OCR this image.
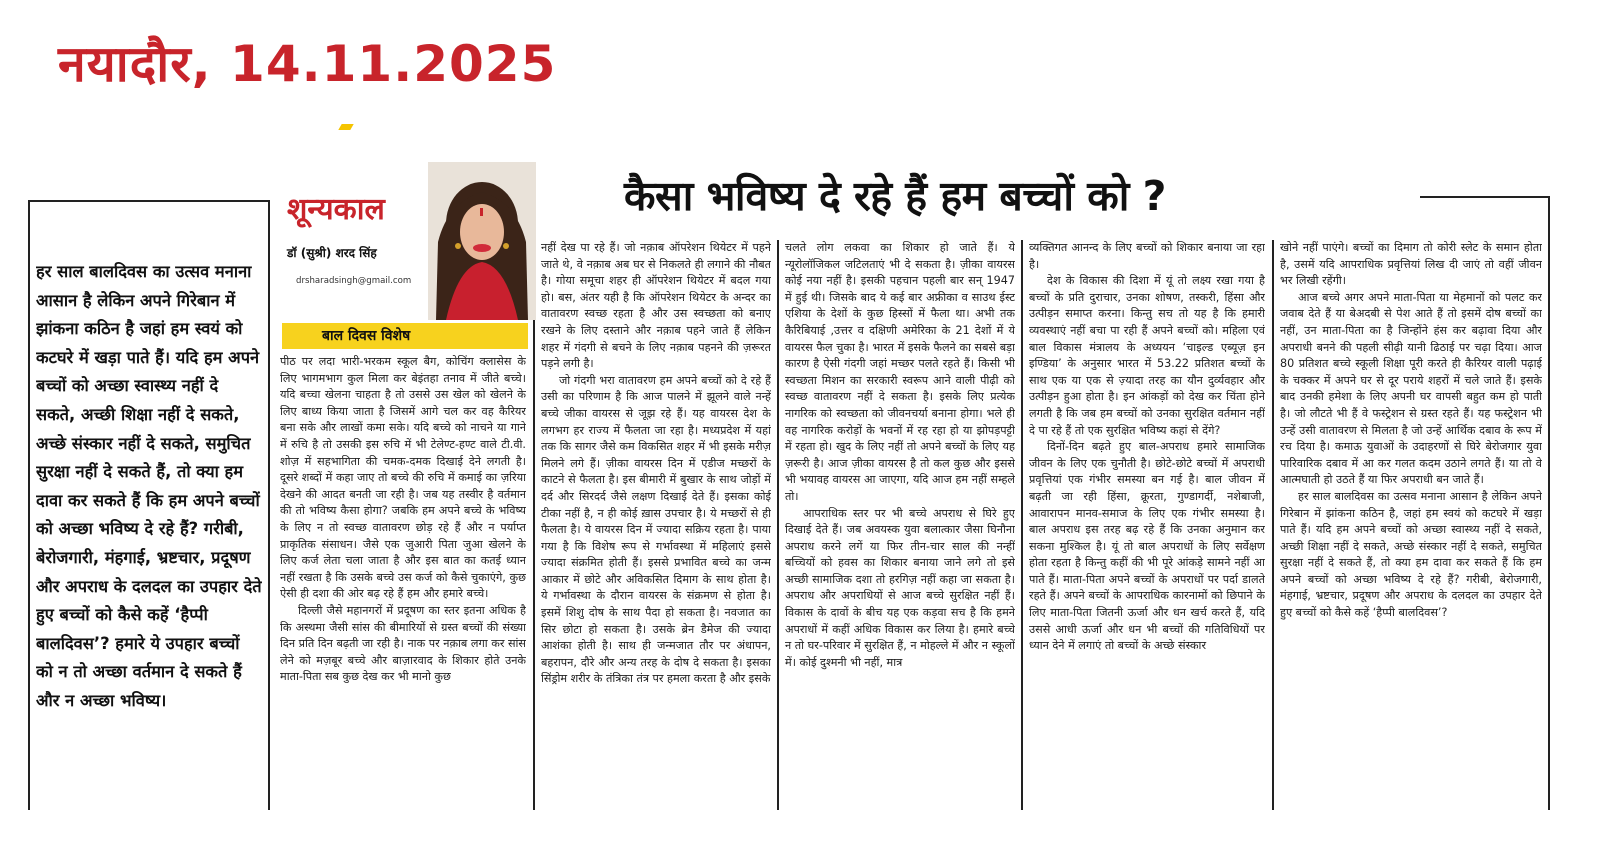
नयादौर, 14.11.2025
शून्यकाल
डॉ (सुश्री) शरद सिंह
drsharadsingh@gmail.com
बाल दिवस विशेष
कैसा भविष्य दे रहे हैं हम बच्चों को ?
हर साल बालदिवस का उत्सव मनाना आसान है लेकिन अपने गिरेबान में झांकना कठिन है जहां हम स्वयं को कटघरे में खड़ा पाते हैं। यदि हम अपने बच्चों को अच्छा स्वास्थ्य नहीं दे सकते, अच्छी शिक्षा नहीं दे सकते, अच्छे संस्कार नहीं दे सकते, समुचित सुरक्षा नहीं दे सकते हैं, तो क्या हम दावा कर सकते हैं कि हम अपने बच्चों को अच्छा भविष्य दे रहे हैं? गरीबी, बेरोजगारी, मंहगाई, भ्रष्टचार, प्रदूषण और अपराध के दलदल का उपहार देते हुए बच्चों को कैसे कहें ‘हैप्पी बालदिवस’? हमारे ये उपहार बच्चों को न तो अच्छा वर्तमान दे सकते हैं और न अच्छा भविष्य।

पीठ पर लदा भारी-भरकम स्कूल बैग, कोचिंग क्लासेस के लिए भागमभाग कुल मिला कर बेइंतहा तनाव में जीते बच्चे। यदि बच्चा खेलना चाहता है तो उससे उस खेल को खेलने के लिए बाध्य किया जाता है जिसमें आगे चल कर वह कैरियर बना सके और लाखों कमा सके। यदि बच्चे को नाचने या गाने में रुचि है तो उसकी इस रुचि में भी टेलेण्ट-हण्ट वाले टी.वी. शोज़ में सहभागिता की चमक-दमक दिखाई देने लगती है। दूसरे शब्दों में कहा जाए तो बच्चे की रुचि में कमाई का ज़रिया देखने की आदत बनती जा रही है। जब यह तस्वीर है वर्तमान की तो भविष्य कैसा होगा? जबकि हम अपने बच्चे के भविष्य के लिए न तो स्वच्छ वातावरण छोड़ रहे हैं और न पर्याप्त प्राकृतिक संसाधन। जैसे एक जुआरी पिता जुआ खेलने के लिए कर्ज लेता चला जाता है और इस बात का कतई ध्यान नहीं रखता है कि उसके बच्चे उस कर्ज को कैसे चुकाएंगे, कुछ ऐसी ही दशा की ओर बढ़ रहे हैं हम और हमारे बच्चे।

दिल्ली जैसे महानगरों में प्रदूषण का स्तर इतना अधिक है कि अस्थमा जैसी सांस की बीमारियों से ग्रस्त बच्चों की संख्या दिन प्रति दिन बढ़ती जा रही है। नाक पर नक़ाब लगा कर सांस लेने को मज़बूर बच्चे और बाज़ारवाद के शिकार होते उनके माता-पिता सब कुछ देख कर भी मानो कुछ

नहीं देख पा रहे हैं। जो नक़ाब ऑपरेशन थियेटर में पहने जाते थे, वे नक़ाब अब घर से निकलते ही लगाने की नौबत है। गोया समूचा शहर ही ऑपरेशन थियेटर में बदल गया हो। बस, अंतर यही है कि ऑपरेशन थियेटर के अन्दर का वातावरण स्वच्छ रहता है और उस स्वच्छता को बनाए रखने के लिए दस्ताने और नक़ाब पहने जाते हैं लेकिन शहर में गंदगी से बचने के लिए नक़ाब पहनने की ज़रूरत पड़ने लगी है।

जो गंदगी भरा वातावरण हम अपने बच्चों को दे रहे हैं उसी का परिणाम है कि आज पालने में झूलने वाले नन्हें बच्चे जीका वायरस से जूझ रहे हैं। यह वायरस देश के लगभग हर राज्य में फैलता जा रहा है। मध्यप्रदेश में यहां तक कि सागर जैसे कम विकसित शहर में भी इसके मरीज़ मिलने लगे हैं। ज़ीका वायरस दिन में एडीज मच्छरों के काटने से फैलता है। इस बीमारी में बुखार के साथ जोड़ों में दर्द और सिरदर्द जैसे लक्षण दिखाई देते हैं। इसका कोई टीका नहीं है, न ही कोई ख़ास उपचार है। ये मच्छरों से ही फैलता है। ये वायरस दिन में ज्यादा सक्रिय रहता है। पाया गया है कि विशेष रूप से गर्भावस्था में महिलाएं इससे ज्यादा संक्रमित होती हैं। इससे प्रभावित बच्चे का जन्म आकार में छोटे और अविकसित दिमाग के साथ होता है। ये गर्भावस्था के दौरान वायरस के संक्रमण से होता है। इसमें शिशु दोष के साथ पैदा हो सकता है। नवजात का सिर छोटा हो सकता है। उसके ब्रेन डैमेज की ज्यादा आशंका होती है। साथ ही जन्मजात तौर पर अंधापन, बहरापन, दौरे और अन्य तरह के दोष दे सकता है। इसका सिंड्रोम शरीर के तंत्रिका तंत्र पर हमला करता है और इसके

चलते लोग लकवा का शिकार हो जाते हैं। ये न्यूरोलॉजिकल जटिलताएं भी दे सकता है। ज़ीका वायरस कोई नया नहीं है। इसकी पहचान पहली बार सन् 1947 में हुई थी। जिसके बाद ये कई बार अफ्रीका व साउथ ईस्ट एशिया के देशों के कुछ हिस्सों में फैला था। अभी तक कैरिबियाई ,उत्तर व दक्षिणी अमेरिका के 21 देशों में ये वायरस फैल चुका है। भारत में इसके फैलने का सबसे बड़ा कारण है ऐसी गंदगी जहां मच्छर पलते रहते हैं। किसी भी स्वच्छता मिशन का सरकारी स्वरूप आने वाली पीढ़ी को स्वच्छ वातावरण नहीं दे सकता है। इसके लिए प्रत्येक नागरिक को स्वच्छता को जीवनचर्या बनाना होगा। भले ही वह नागरिक करोड़ों के भवनों में रह रहा हो या झोपड़पट्टी में रहता हो। खुद के लिए नहीं तो अपने बच्चों के लिए यह ज़रूरी है। आज ज़ीका वायरस है तो कल कुछ और इससे भी भयावह वायरस आ जाएगा, यदि आज हम नहीं सम्हले तो।

आपराधिक स्तर पर भी बच्चे अपराध से घिरे हुए दिखाई देते हैं। जब अवयस्क युवा बलात्कार जैसा घिनौना अपराध करने लगें या फिर तीन-चार साल की नन्हीं बच्चियों को हवस का शिकार बनाया जाने लगे तो इसे अच्छी सामाजिक दशा तो हरगिज़ नहीं कहा जा सकता है। अपराध और अपराधियों से आज बच्चे सुरक्षित नहीं हैं। विकास के दावों के बीच यह एक कड़वा सच है कि हमने अपराधों में कहीं अधिक विकास कर लिया है। हमारे बच्चे न तो घर-परिवार में सुरक्षित हैं, न मोहल्ले में और न स्कूलों में। कोई दुश्मनी भी नहीं, मात्र

व्यक्तिगत आनन्द के लिए बच्चों को शिकार बनाया जा रहा है।

देश के विकास की दिशा में यूं तो लक्ष्य रखा गया है बच्चों के प्रति दुराचार, उनका शोषण, तस्करी, हिंसा और उत्पीड़न समाप्त करना। किन्तु सच तो यह है कि हमारी व्यवस्थाएं नहीं बचा पा रही हैं अपने बच्चों को। महिला एवं बाल विकास मंत्रालय के अध्ययन ‘चाइल्ड एब्यूज़ इन इण्डिया’ के अनुसार भारत में 53.22 प्रतिशत बच्चों के साथ एक या एक से ज़्यादा तरह का यौन दुर्व्यवहार और उत्पीड़न हुआ होता है। इन आंकड़ों को देख कर चिंता होने लगती है कि जब हम बच्चों को उनका सुरक्षित वर्तमान नहीं दे पा रहे हैं तो एक सुरक्षित भविष्य कहां से देंगे?

दिनों-दिन बढ़ते हुए बाल-अपराध हमारे सामाजिक जीवन के लिए एक चुनौती है। छोटे-छोटे बच्चों में अपराधी प्रवृत्तियां एक गंभीर समस्या बन गई है। बाल जीवन में बढ़ती जा रही हिंसा, क्रूरता, गुण्डागर्दी, नशेबाजी, आवारापन मानव-समाज के लिए एक गंभीर समस्या है। बाल अपराध इस तरह बढ़ रहे हैं कि उनका अनुमान कर सकना मुश्किल है। यूं तो बाल अपराधों के लिए सर्वेक्षण होता रहता है किन्तु कहीं की भी पूरे आंकड़े सामने नहीं आ पाते हैं। माता-पिता अपने बच्चों के अपराधों पर पर्दा डालते रहते हैं। अपने बच्चों के आपराधिक कारनामों को छिपाने के लिए माता-पिता जितनी ऊर्जा और धन खर्च करते हैं, यदि उससे आधी ऊर्जा और धन भी बच्चों की गतिविधियों पर ध्यान देने में लगाएं तो बच्चों के अच्छे संस्कार

खोने नहीं पाएंगे। बच्चों का दिमाग तो कोरी स्लेट के समान होता है, उसमें यदि आपराधिक प्रवृत्तियां लिख दी जाएं तो वहीं जीवन भर लिखी रहेंगी।

आज बच्चे अगर अपने माता-पिता या मेहमानों को पलट कर जवाब देते हैं या बेअदबी से पेश आते हैं तो इसमें दोष बच्चों का नहीं, उन माता-पिता का है जिन्होंने हंस कर बढ़ावा दिया और अपराधी बनने की पहली सीढ़ी यानी ढिठाई पर चढ़ा दिया। आज 80 प्रतिशत बच्चे स्कूली शिक्षा पूरी करते ही कैरियर वाली पढ़ाई के चक्कर में अपने घर से दूर पराये शहरों में चले जाते हैं। इसके बाद उनकी हमेशा के लिए अपनी घर वापसी बहुत कम हो पाती है। जो लौटते भी हैं वे फस्ट्रेशन से ग्रस्त रहते हैं। यह फस्ट्रेशन भी उन्हें उसी वातावरण से मिलता है जो उन्हें आर्थिक दबाव के रूप में रच दिया है। कमाऊ युवाओं के उदाहरणों से घिरे बेरोजगार युवा पारिवारिक दबाव में आ कर गलत कदम उठाने लगते हैं। या तो वे आत्मघाती हो उठते हैं या फिर अपराधी बन जाते हैं।

हर साल बालदिवस का उत्सव मनाना आसान है लेकिन अपने गिरेबान में झांकना कठिन है, जहां हम स्वयं को कटघरे में खड़ा पाते हैं। यदि हम अपने बच्चों को अच्छा स्वास्थ्य नहीं दे सकते, अच्छी शिक्षा नहीं दे सकते, अच्छे संस्कार नहीं दे सकते, समुचित सुरक्षा नहीं दे सकते हैं, तो क्या हम दावा कर सकते हैं कि हम अपने बच्चों को अच्छा भविष्य दे रहे हैं? गरीबी, बेरोजगारी, मंहगाई, भ्रष्टचार, प्रदूषण और अपराध के दलदल का उपहार देते हुए बच्चों को कैसे कहें ‘हैप्पी बालदिवस’?
